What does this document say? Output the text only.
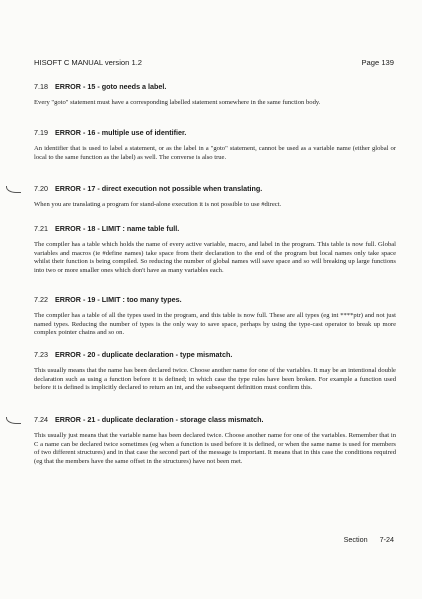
HISOFT C MANUAL version 1.2	Page 139
7.18 ERROR - 15 - goto needs a label.

Every "goto" statement must have a corresponding labelled statement somewhere in the same function body.

7.19 ERROR - 16 - multiple use of identifier.

An identifier that is used to label a statement, or as the label in a "goto" statement, cannot be used as a variable name (either global or local to the same function as the label) as well. The converse is also true.

7.20 ERROR - 17 - direct execution not possible when translating.

When you are translating a program for stand-alone execution it is not possible to use #direct.

7.21 ERROR - 18 - LIMIT : name table full.

The compiler has a table which holds the name of every active variable, macro, and label in the program. This table is now full. Global variables and macros (ie #define names) take space from their declaration to the end of the program but local names only take space whilst their function is being compiled. So reducing the number of global names will save space and so will breaking up large functions into two or more smaller ones which don't have as many variables each.

7.22 ERROR - 19 - LIMIT : too many types.

The compiler has a table of all the types used in the program, and this table is now full. These are all types (eg int ****ptr) and not just named types. Reducing the number of types is the only way to save space, perhaps by using the type-cast operator to break up more complex pointer chains and so on.

7.23 ERROR - 20 - duplicate declaration - type mismatch.

This usually means that the name has been declared twice. Choose another name for one of the variables. It may be an intentional double declaration such as using a function before it is defined; in which case the type rules have been broken. For example a function used before it is defined is implicitly declared to return an int, and the subsequent definition must confirm this.

7.24 ERROR - 21 - duplicate declaration - storage class mismatch.

This usually just means that the variable name has been declared twice. Choose another name for one of the variables. Remember that in C a name can be declared twice sometimes (eg when a function is used before it is defined, or when the same name is used for members of two different structures) and in that case the second part of the message is important. It means that in this case the conditions required (eg that the members have the same offset in the structures) have not been met.

Section 7-24
